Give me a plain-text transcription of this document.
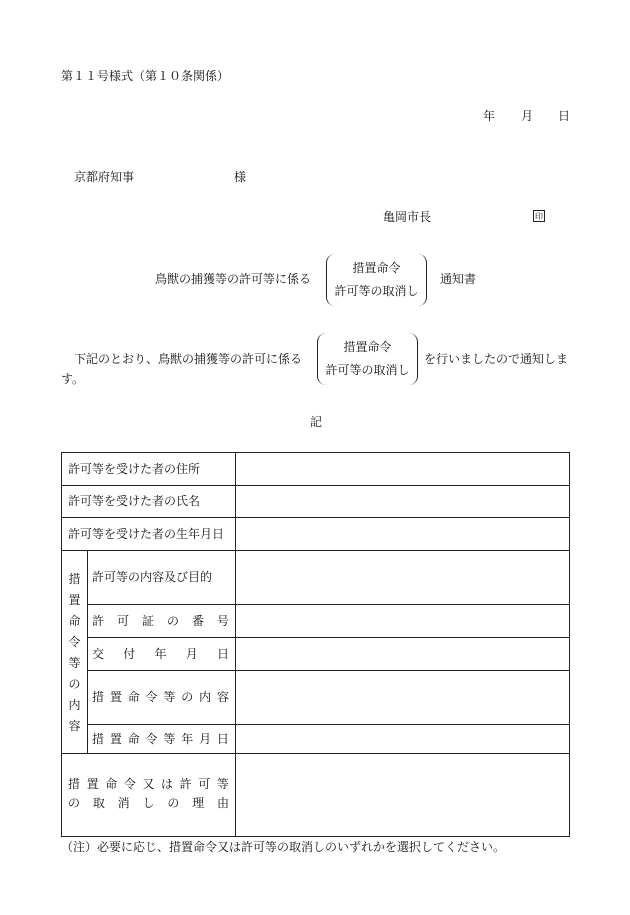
第１１号様式（第１０条関係）
年 月 日
京都府知事	様
亀岡市長	印
鳥獣の捕獲等の許可等に係る
措置命令
許可等の取消し
通知書
下記のとおり、鳥獣の捕獲等の許可に係る
措置命令
許可等の取消し
を行いましたので通知しま
す。
記
許可等を受けた者の住所
許可等を受けた者の氏名
許可等を受けた者の生年月日
措
置
命
令
等
の
内
容
許可等の内容及び目的
許 可 証 の 番 号
交 付 年 月 日
措 置 命 令 等 の 内 容
措 置 命 令 等 年 月 日
措 置 命 令 又 は 許 可 等
の 取 消 し の 理 由
（注）必要に応じ、措置命令又は許可等の取消しのいずれかを選択してください。
